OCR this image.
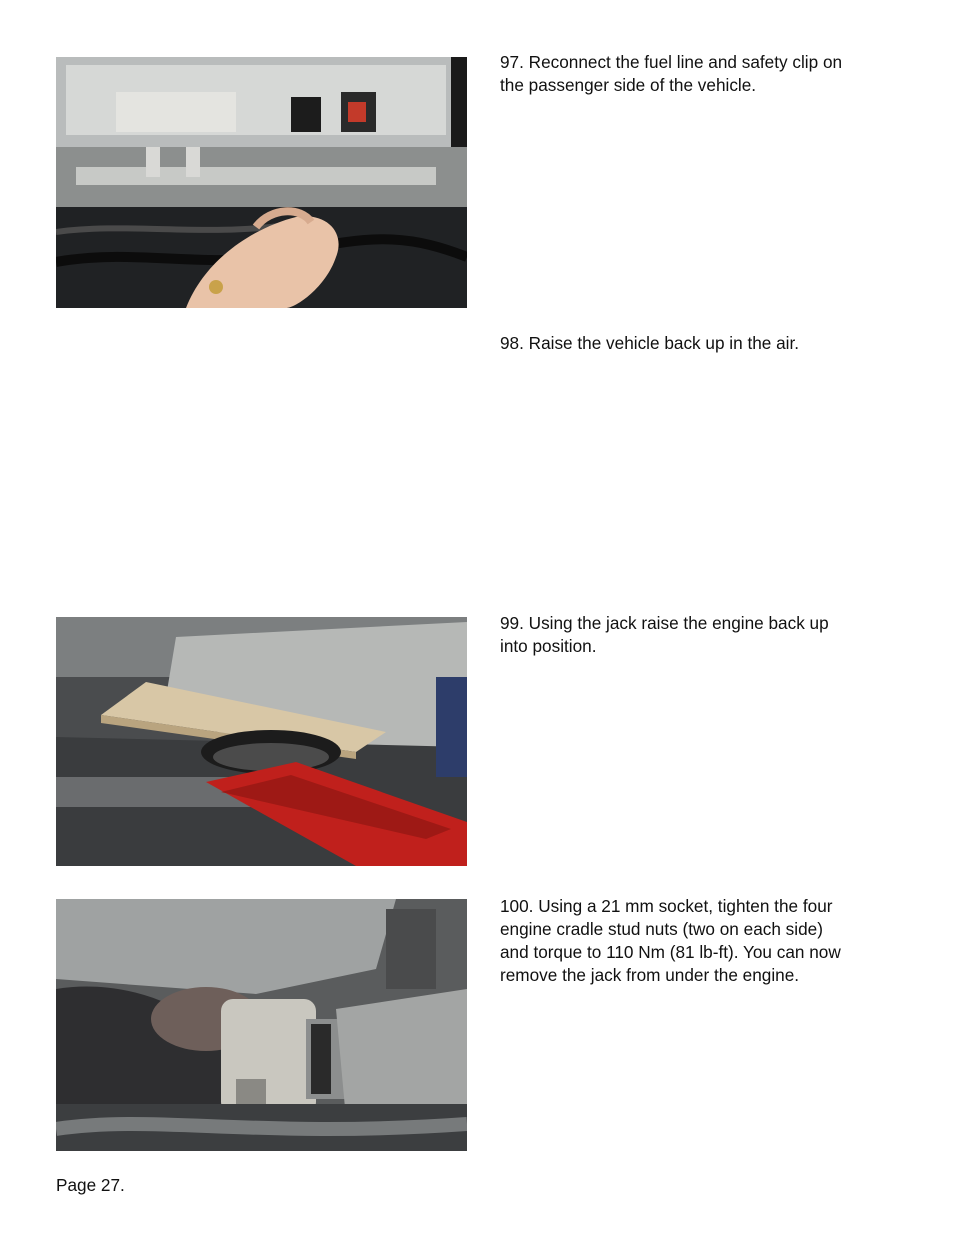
97. Reconnect the fuel line and safety clip on
the passenger side of the vehicle.
98. Raise the vehicle back up in the air.
99. Using the jack raise the engine back up
into position.
100. Using a 21 mm socket, tighten the four
engine cradle stud nuts (two on each side)
and torque to 110 Nm (81 lb-ft). You can now
remove the jack from under the engine.
Page 27.
